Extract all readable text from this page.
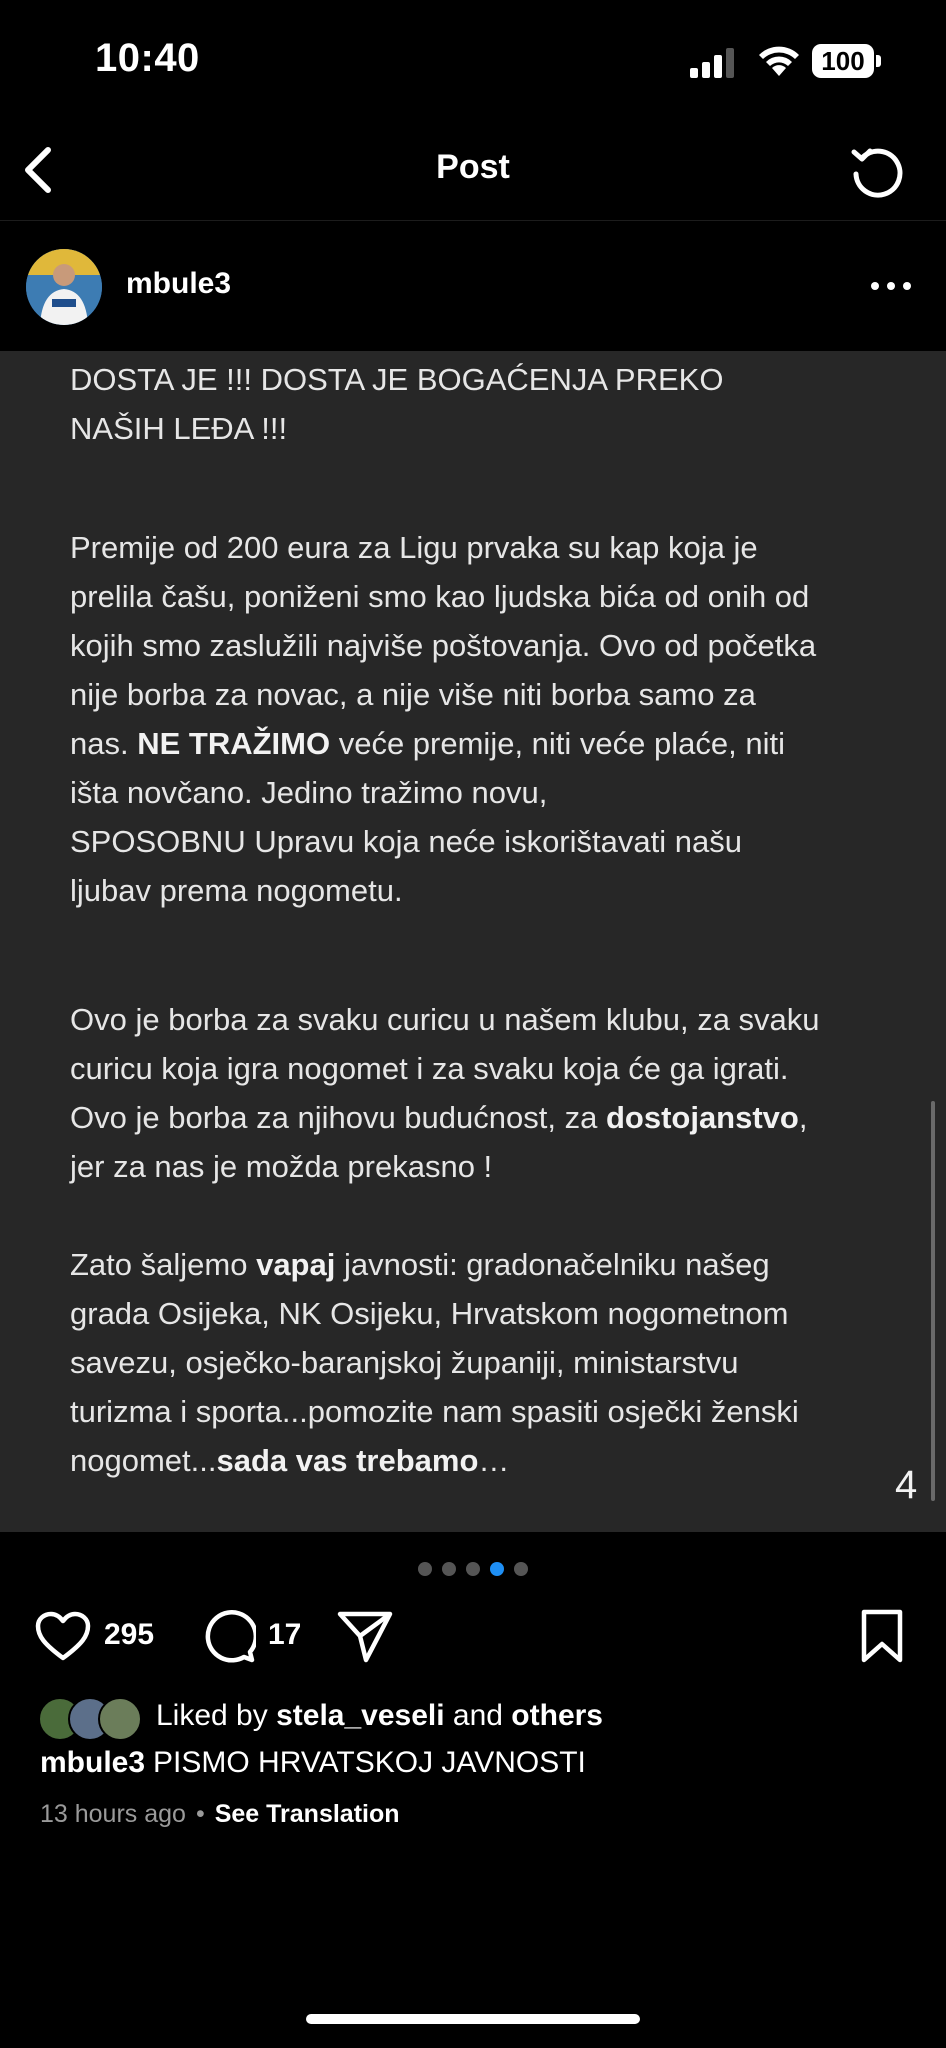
10:40	100
Post
mbule3

DOSTA JE !!! DOSTA JE BOGAĆENJA PREKO
NAŠIH LEĐA !!!

Premije od 200 eura za Ligu prvaka su kap koja je
prelila čašu, poniženi smo kao ljudska bića od onih od
kojih smo zaslužili najviše poštovanja. Ovo od početka
nije borba za novac, a nije više niti borba samo za
nas. NE TRAŽIMO veće premije, niti veće plaće, niti
išta novčano. Jedino tražimo novu,
SPOSOBNU Upravu koja neće iskorištavati našu
ljubav prema nogometu.

Ovo je borba za svaku curicu u našem klubu, za svaku
curicu koja igra nogomet i za svaku koja će ga igrati.
Ovo je borba za njihovu budućnost, za dostojanstvo,
jer za nas je možda prekasno !

Zato šaljemo vapaj javnosti: gradonačelniku našeg
grada Osijeka, NK Osijeku, Hrvatskom nogometnom
savezu, osječko-baranjskoj županiji, ministarstvu
turizma i sporta...pomozite nam spasiti osječki ženski
nogomet...sada vas trebamo…

4
295	17
Liked by stela_veseli and others
mbule3 PISMO HRVATSKOJ JAVNOSTI
13 hours ago • See Translation
